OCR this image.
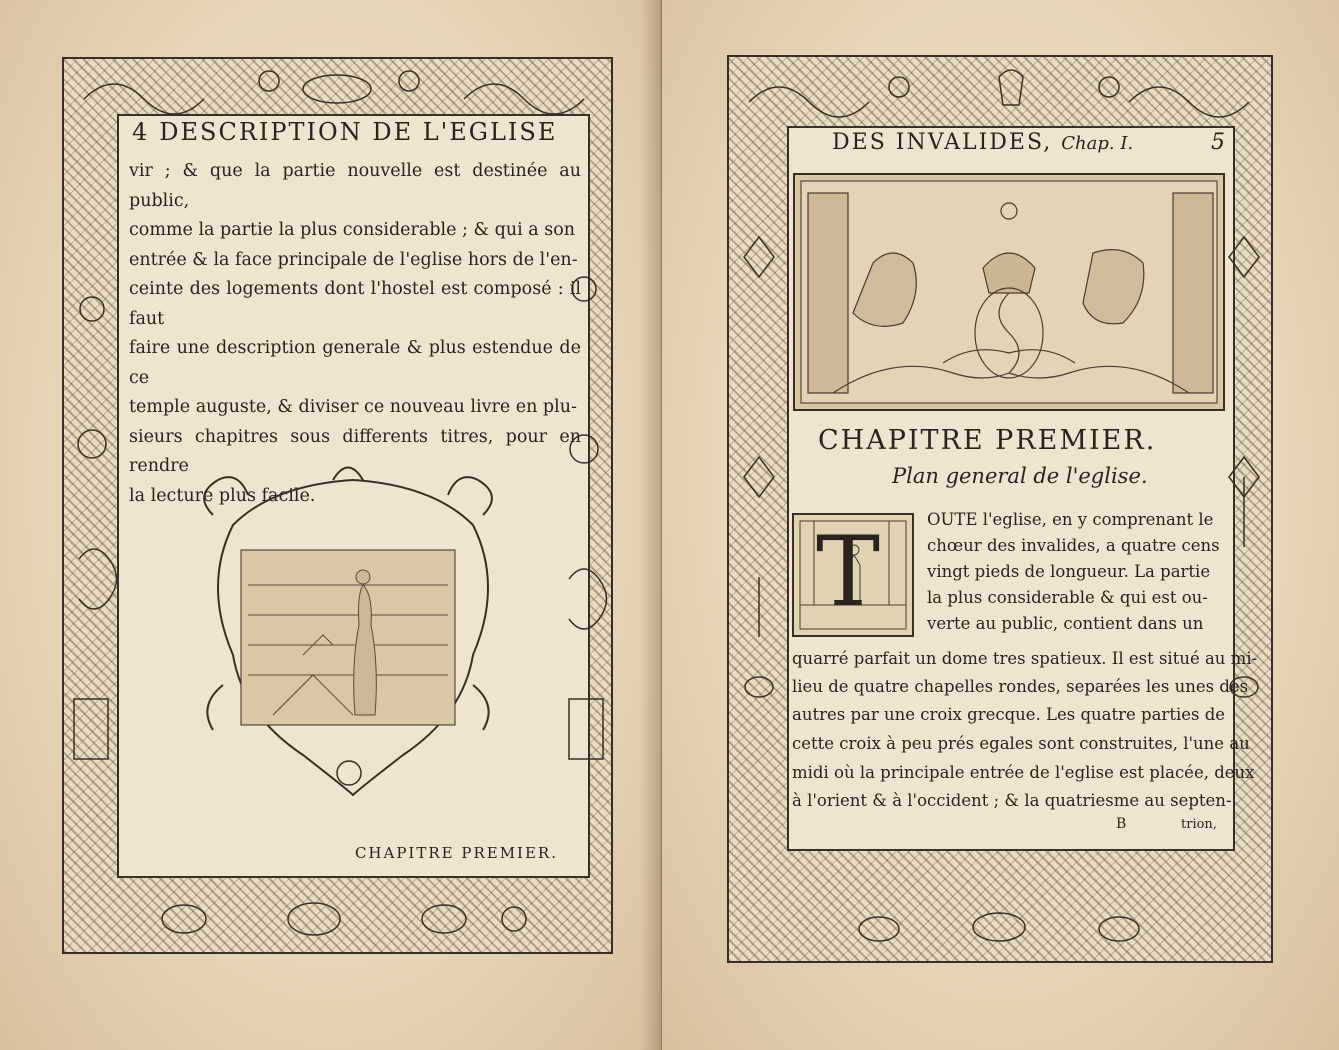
4 DESCRIPTION DE L'EGLISE
vir ; & que la partie nouvelle est destinée au public,
comme la partie la plus considerable ; & qui a son
entrée & la face principale de l'eglise hors de l'en-
ceinte des logements dont l'hostel est composé : il faut
faire une description generale & plus estendue de ce
temple auguste, & diviser ce nouveau livre en plu-
sieurs chapitres sous differents titres, pour en rendre
la lecture plus facile.
CHAPITRE PREMIER.
DES INVALIDES, Chap. I.	5
CHAPITRE PREMIER.
Plan general de l'eglise.
T	OUTE l'eglise, en y comprenant le
chœur des invalides, a quatre cens
vingt pieds de longueur. La partie
la plus considerable & qui est ou-
verte au public, contient dans un
quarré parfait un dome tres spatieux. Il est situé au mi-
lieu de quatre chapelles rondes, separées les unes des
autres par une croix grecque. Les quatre parties de
cette croix à peu prés egales sont construites, l'une au
midi où la principale entrée de l'eglise est placée, deux
à l'orient & à l'occident ; & la quatriesme au septen-
B	trion,
